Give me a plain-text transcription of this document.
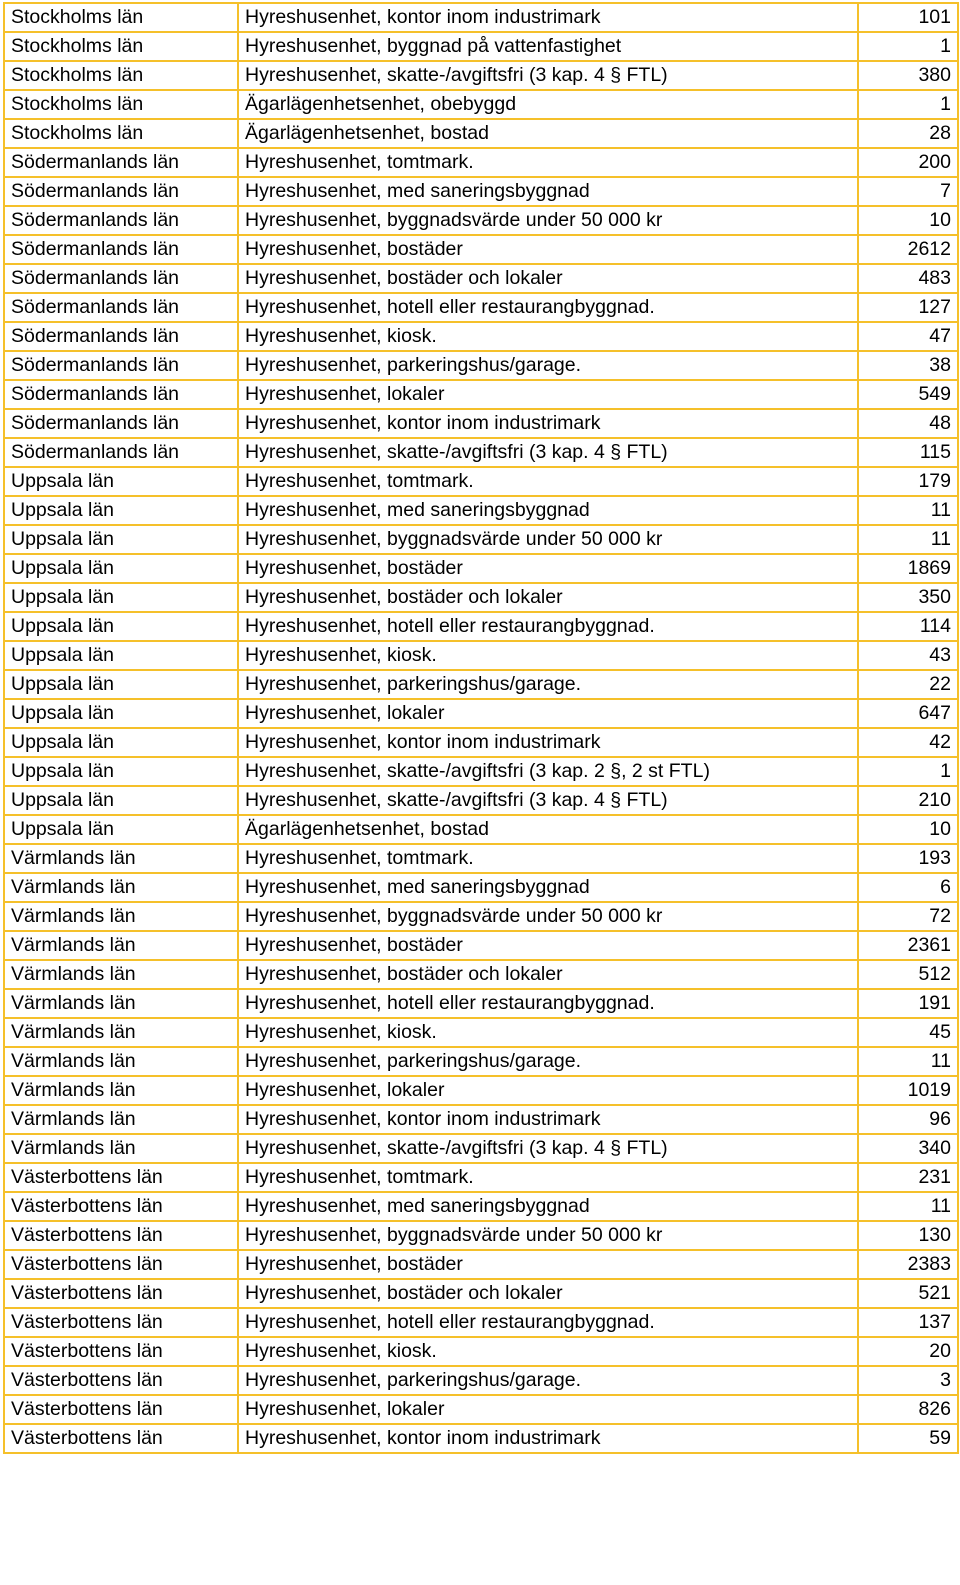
Stockholms län	Hyreshusenhet, kontor inom industrimark	101
Stockholms län	Hyreshusenhet, byggnad på vattenfastighet	1
Stockholms län	Hyreshusenhet, skatte-/avgiftsfri (3 kap. 4 § FTL)	380
Stockholms län	Ägarlägenhetsenhet, obebyggd	1
Stockholms län	Ägarlägenhetsenhet, bostad	28
Södermanlands län	Hyreshusenhet, tomtmark.	200
Södermanlands län	Hyreshusenhet, med saneringsbyggnad	7
Södermanlands län	Hyreshusenhet, byggnadsvärde under 50 000 kr	10
Södermanlands län	Hyreshusenhet, bostäder	2612
Södermanlands län	Hyreshusenhet, bostäder och lokaler	483
Södermanlands län	Hyreshusenhet, hotell eller restaurangbyggnad.	127
Södermanlands län	Hyreshusenhet, kiosk.	47
Södermanlands län	Hyreshusenhet, parkeringshus/garage.	38
Södermanlands län	Hyreshusenhet, lokaler	549
Södermanlands län	Hyreshusenhet, kontor inom industrimark	48
Södermanlands län	Hyreshusenhet, skatte-/avgiftsfri (3 kap. 4 § FTL)	115
Uppsala län	Hyreshusenhet, tomtmark.	179
Uppsala län	Hyreshusenhet, med saneringsbyggnad	11
Uppsala län	Hyreshusenhet, byggnadsvärde under 50 000 kr	11
Uppsala län	Hyreshusenhet, bostäder	1869
Uppsala län	Hyreshusenhet, bostäder och lokaler	350
Uppsala län	Hyreshusenhet, hotell eller restaurangbyggnad.	114
Uppsala län	Hyreshusenhet, kiosk.	43
Uppsala län	Hyreshusenhet, parkeringshus/garage.	22
Uppsala län	Hyreshusenhet, lokaler	647
Uppsala län	Hyreshusenhet, kontor inom industrimark	42
Uppsala län	Hyreshusenhet, skatte-/avgiftsfri (3 kap. 2 §, 2 st FTL)	1
Uppsala län	Hyreshusenhet, skatte-/avgiftsfri (3 kap. 4 § FTL)	210
Uppsala län	Ägarlägenhetsenhet, bostad	10
Värmlands län	Hyreshusenhet, tomtmark.	193
Värmlands län	Hyreshusenhet, med saneringsbyggnad	6
Värmlands län	Hyreshusenhet, byggnadsvärde under 50 000 kr	72
Värmlands län	Hyreshusenhet, bostäder	2361
Värmlands län	Hyreshusenhet, bostäder och lokaler	512
Värmlands län	Hyreshusenhet, hotell eller restaurangbyggnad.	191
Värmlands län	Hyreshusenhet, kiosk.	45
Värmlands län	Hyreshusenhet, parkeringshus/garage.	11
Värmlands län	Hyreshusenhet, lokaler	1019
Värmlands län	Hyreshusenhet, kontor inom industrimark	96
Värmlands län	Hyreshusenhet, skatte-/avgiftsfri (3 kap. 4 § FTL)	340
Västerbottens län	Hyreshusenhet, tomtmark.	231
Västerbottens län	Hyreshusenhet, med saneringsbyggnad	11
Västerbottens län	Hyreshusenhet, byggnadsvärde under 50 000 kr	130
Västerbottens län	Hyreshusenhet, bostäder	2383
Västerbottens län	Hyreshusenhet, bostäder och lokaler	521
Västerbottens län	Hyreshusenhet, hotell eller restaurangbyggnad.	137
Västerbottens län	Hyreshusenhet, kiosk.	20
Västerbottens län	Hyreshusenhet, parkeringshus/garage.	3
Västerbottens län	Hyreshusenhet, lokaler	826
Västerbottens län	Hyreshusenhet, kontor inom industrimark	59
